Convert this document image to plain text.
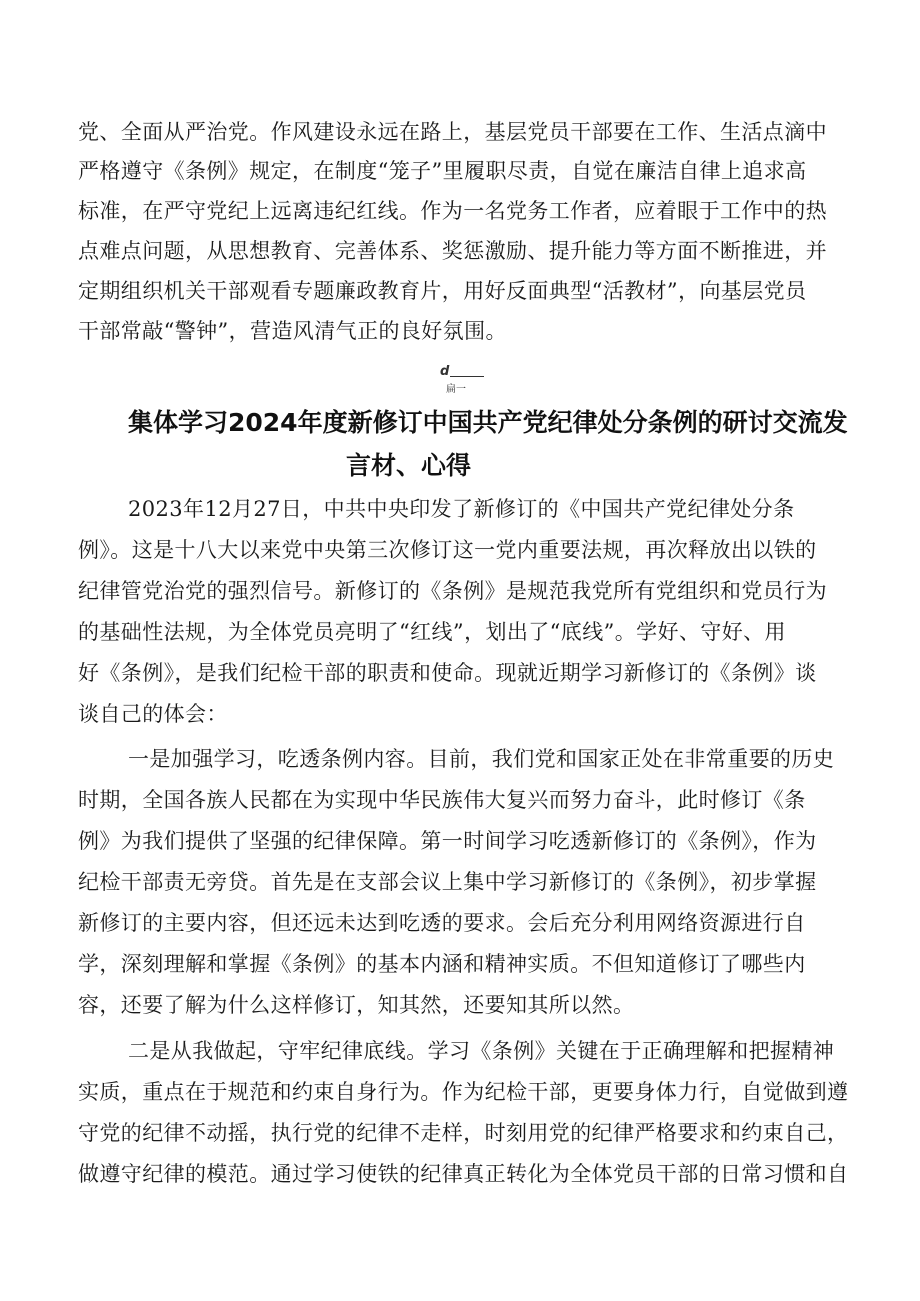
党、全面从严治党。作风建设永远在路上，基层党员干部要在工作、生活点滴中
严格遵守《条例》规定，在制度“笼子”里履职尽责，自觉在廉洁自律上追求高
标准，在严守党纪上远离违纪红线。作为一名党务工作者，应着眼于工作中的热
点难点问题，从思想教育、完善体系、奖惩激励、提升能力等方面不断推进，并
定期组织机关干部观看专题廉政教育片，用好反面典型“活教材”，向基层党员
干部常敲“警钟”，营造风清气正的良好氛围。
d
扁一
集体学习2024年度新修订中国共产党纪律处分条例的研讨交流发
言材、心得
2023年12月27日，中共中央印发了新修订的《中国共产党纪律处分条
例》。这是十八大以来党中央第三次修订这一党内重要法规，再次释放出以铁的
纪律管党治党的强烈信号。新修订的《条例》是规范我党所有党组织和党员行为
的基础性法规，为全体党员亮明了“红线”，划出了“底线”。学好、守好、用
好《条例》，是我们纪检干部的职责和使命。现就近期学习新修订的《条例》谈
谈自己的体会：
一是加强学习，吃透条例内容。目前，我们党和国家正处在非常重要的历史
时期，全国各族人民都在为实现中华民族伟大复兴而努力奋斗，此时修订《条
例》为我们提供了坚强的纪律保障。第一时间学习吃透新修订的《条例》，作为
纪检干部责无旁贷。首先是在支部会议上集中学习新修订的《条例》，初步掌握
新修订的主要内容，但还远未达到吃透的要求。会后充分利用网络资源进行自
学，深刻理解和掌握《条例》的基本内涵和精神实质。不但知道修订了哪些内
容，还要了解为什么这样修订，知其然，还要知其所以然。
二是从我做起，守牢纪律底线。学习《条例》关键在于正确理解和把握精神
实质，重点在于规范和约束自身行为。作为纪检干部，更要身体力行，自觉做到遵
守党的纪律不动摇，执行党的纪律不走样，时刻用党的纪律严格要求和约束自己，
做遵守纪律的模范。通过学习使铁的纪律真正转化为全体党员干部的日常习惯和自
